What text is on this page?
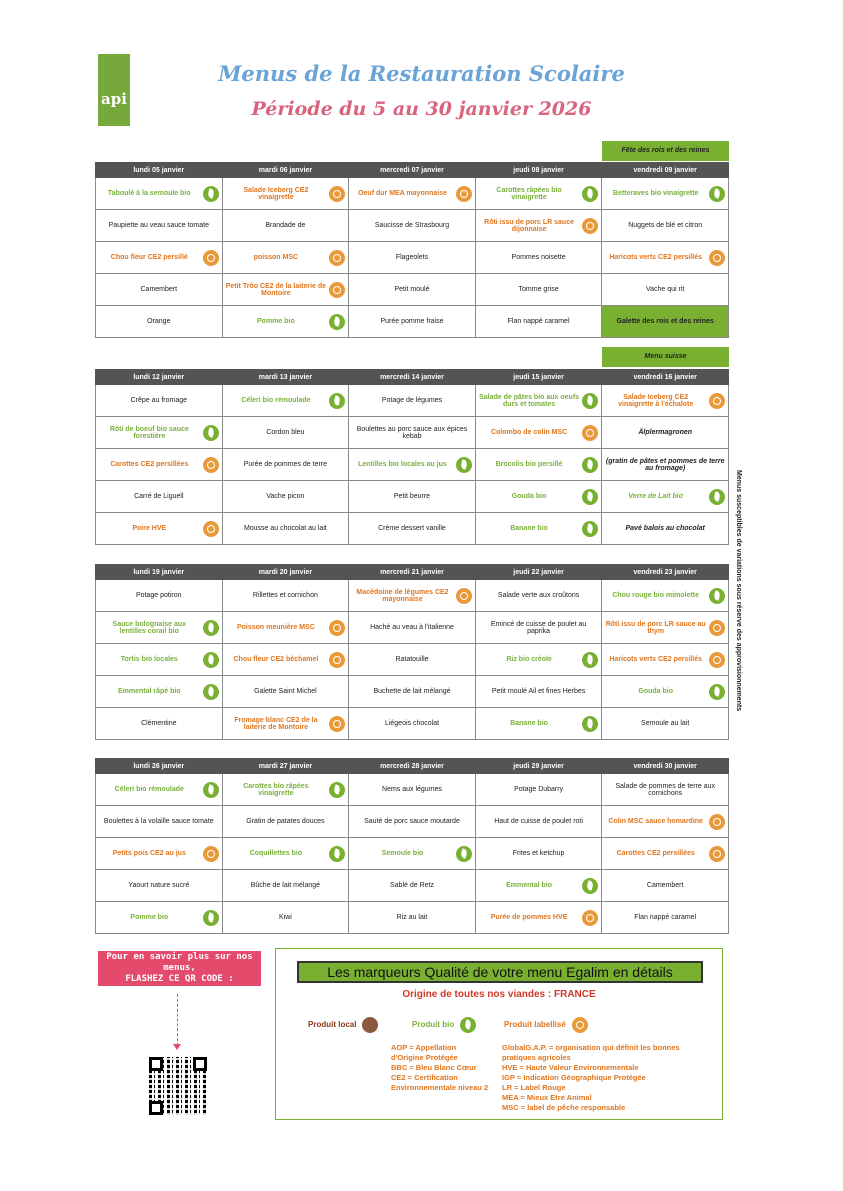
api
Menus de la Restauration Scolaire
Période du 5 au 30 janvier 2026
Fête des rois et des reines
Menu suisse
lundi 05 janvier	mardi 06 janvier	mercredi 07 janvier	jeudi 08 janvier	vendredi 09 janvier
Taboulé à la semoule bio	Salade Iceberg CE2 vinaigrette	Oeuf dur MEA mayonnaise	Carottes râpées bio vinaigrette	Betteraves bio vinaigrette

Paupiette au veau sauce tomate	Brandade de	Saucisse de Strasbourg	Rôti issu de porc LR sauce dijonnaise	Nuggets de blé et citron
Chou fleur CE2 persillé	poisson MSC	Flageolets	Pommes noisette	Haricots verts CE2 persillés

Camembert	Petit Trôo CE2 de la laiterie de Montoire	Petit moulé	Tomme grise	Vache qui rit
Orange	Pomme bio	Purée pomme fraise	Flan nappé caramel	Galette des rois et des reines
lundi 12 janvier	mardi 13 janvier	mercredi 14 janvier	jeudi 15 janvier	vendredi 16 janvier
Crêpe au fromage	Céleri bio rémoulade	Potage de légumes	Salade de pâtes bio aux oeufs durs et tomates	Salade Iceberg CE2 vinaigrette à l'échalote

Rôti de boeuf bio sauce forestière	Cordon bleu	Boulettes au porc sauce aux épices kebab	Colombo de colin MSC	Älplermagronen
Carottes CE2 persillées	Purée de pommes de terre	Lentilles bio locales au jus	Brocolis bio persillé	(gratin de pâtes et pommes de terre au fromage)
Carré de Liguell	Vache picon	Petit beurre	Gouda bio	Verre de Lait bio

Poire HVE	Mousse au chocolat au lait	Crème dessert vanille	Banane bio	Pavé balois au chocolat
lundi 19 janvier	mardi 20 janvier	mercredi 21 janvier	jeudi 22 janvier	vendredi 23 janvier
Potage potiron	Rillettes et cornichon	Macédoine de légumes CE2 mayonnaise	Salade verte aux croûtons	Chou rouge bio mimolette

Sauce bolognaise aux lentilles corail bio	Poisson meunière MSC	Haché au veau à l'italienne	Emincé de cuisse de poulet au paprika	Rôti issu de porc LR sauce au thym

Tortis bio locales	Chou fleur CE2 béchamel	Ratatouille	Riz bio créole	Haricots verts CE2 persillés

Emmental râpé bio	Galette Saint Michel	Buchette de lait mélangé	Petit moulé Ail et fines Herbes	Gouda bio

Clémentine	Fromage blanc CE2 de la laiterie de Montoire	Liégeois chocolat	Banane bio	Semoule au lait
lundi 26 janvier	mardi 27 janvier	mercredi 28 janvier	jeudi 29 janvier	vendredi 30 janvier
Céleri bio rémoulade	Carottes bio râpées vinaigrette	Nems aux légumes	Potage Dubarry	Salade de pommes de terre aux cornichons
Boulettes à la volaille sauce tomate	Gratin de patates douces	Sauté de porc sauce moutarde	Haut de cuisse de poulet roti	Colin MSC sauce homardine

Petits pois CE2 au jus	Coquillettes bio	Semoule bio	Frites et ketchup	Carottes CE2 persillées

Yaourt nature sucré	Bûche de lait mélangé	Sablé de Retz	Emmental bio	Camembert
Pomme bio	Kiwi	Riz au lait	Purée de pommes HVE	Flan nappé caramel
Menus susceptibles de variations sous réserve des approvisionnements
Pour en savoir plus sur nos
menus,
FLASHEZ CE QR CODE :	Les marqueurs Qualité de votre menu Egalim en détails
Origine de toutes nos viandes : FRANCE
Produit local	Produit bio	Produit labellisé
AOP = Appellation
d'Origine Protégée
BBC = Bleu Blanc Cœur
CE2 = Certification
Environnementale niveau 2
GlobalG.A.P. = organisation qui définit les bonnes
pratiques agricoles
HVE = Haute Valeur Environnementale
IGP = Indication Géographique Protégée
LR = Label Rouge
MEA = Mieux Etre Animal
MSC = label de pêche responsable
